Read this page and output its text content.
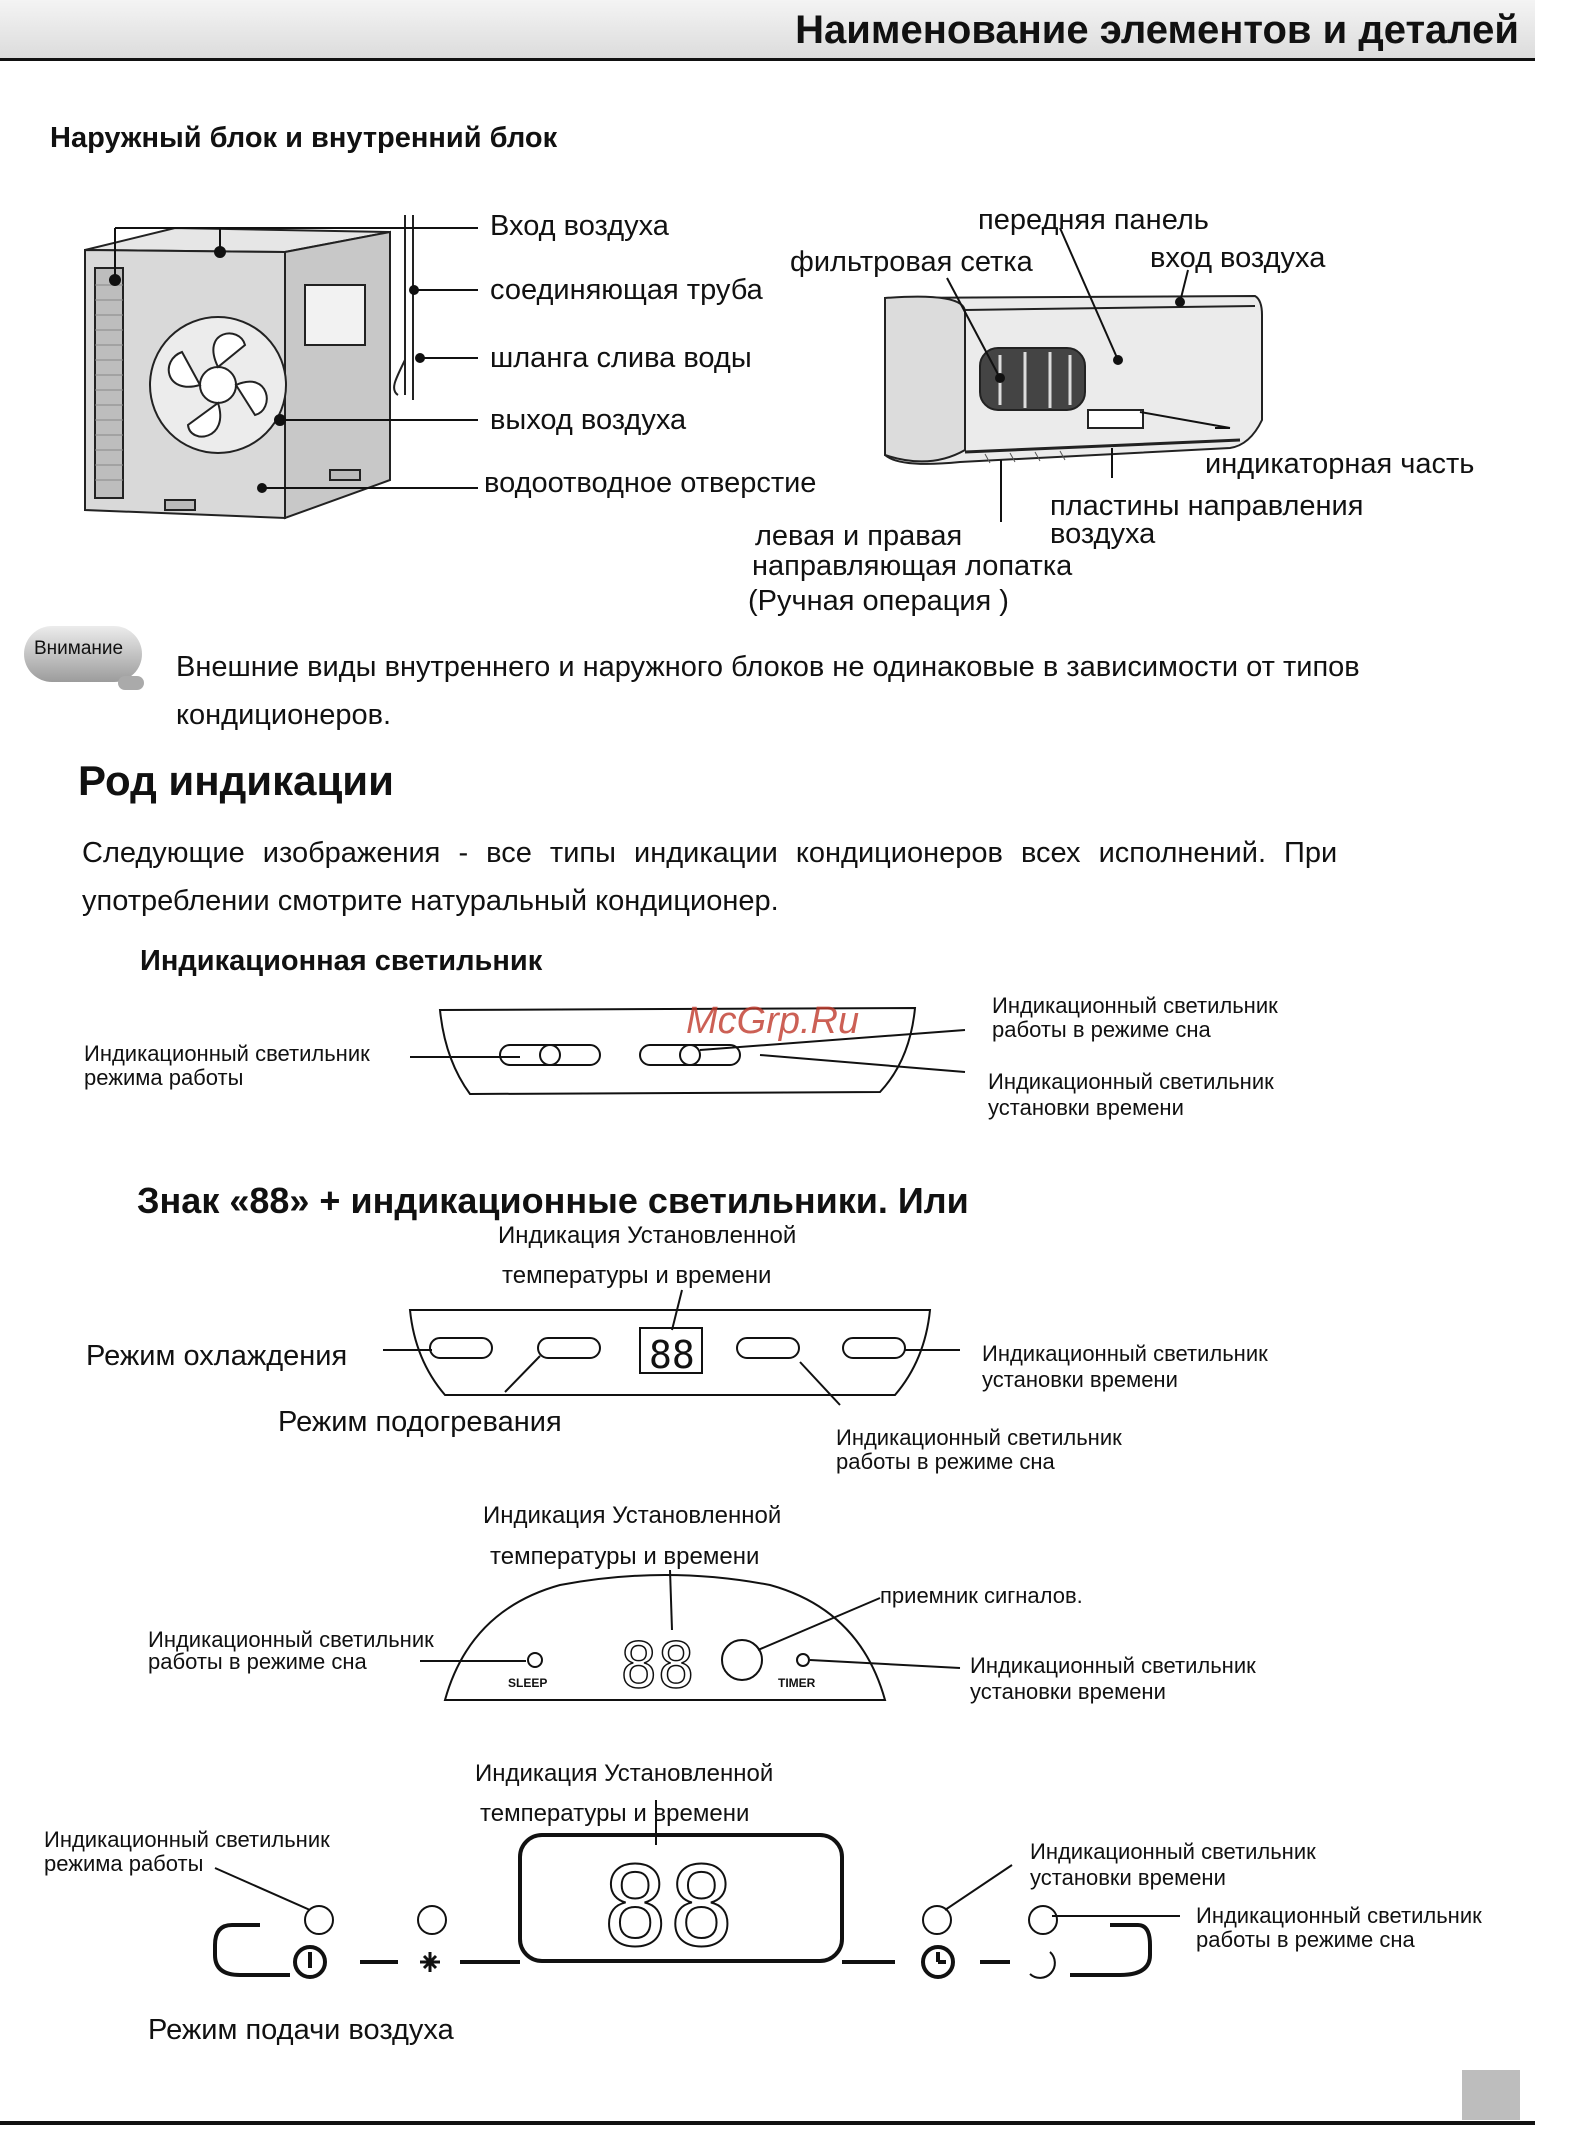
Наименование элементов и деталей
Наружный блок и внутренний блок
88
88
88
Вход воздуха
соединяющая труба
шланга слива воды
выход воздуха
водоотводное отверстие
передняя панель
фильтровая сетка	вход воздуха
индикаторная часть
пластины направления
воздуха
левая и правая
направляющая лопатка
(Ручная операция )
Внимание
Внешние виды внутреннего и наружного блоков не одинаковые в зависимости от типов
кондиционеров.
Род индикации
Следующие изображения - все типы индикации кондиционеров всех исполнений. При
употреблении смотрите натуральный кондиционер.
Индикационная светильник
Индикационный светильник
режима работы
Индикационный светильник
работы в режиме сна
Индикационный светильник
установки времени
McGrp.Ru
Знак «88» + индикационные светильники. Или
Индикация Установленной
температуры и времени
Режим охлаждения
Режим подогревания
Индикационный светильник
установки времени
Индикационный светильник
работы в режиме сна
Индикация Установленной
температуры и времени
приемник сигналов.
Индикационный светильник
работы в режиме сна	Индикационный светильник
установки времени
SLEEP	TIMER
Индикация Установленной
температуры и времени
Индикационный светильник
режима работы	Индикационный светильник
установки времени
Индикационный светильник
работы в режиме сна
Режим подачи воздуха
